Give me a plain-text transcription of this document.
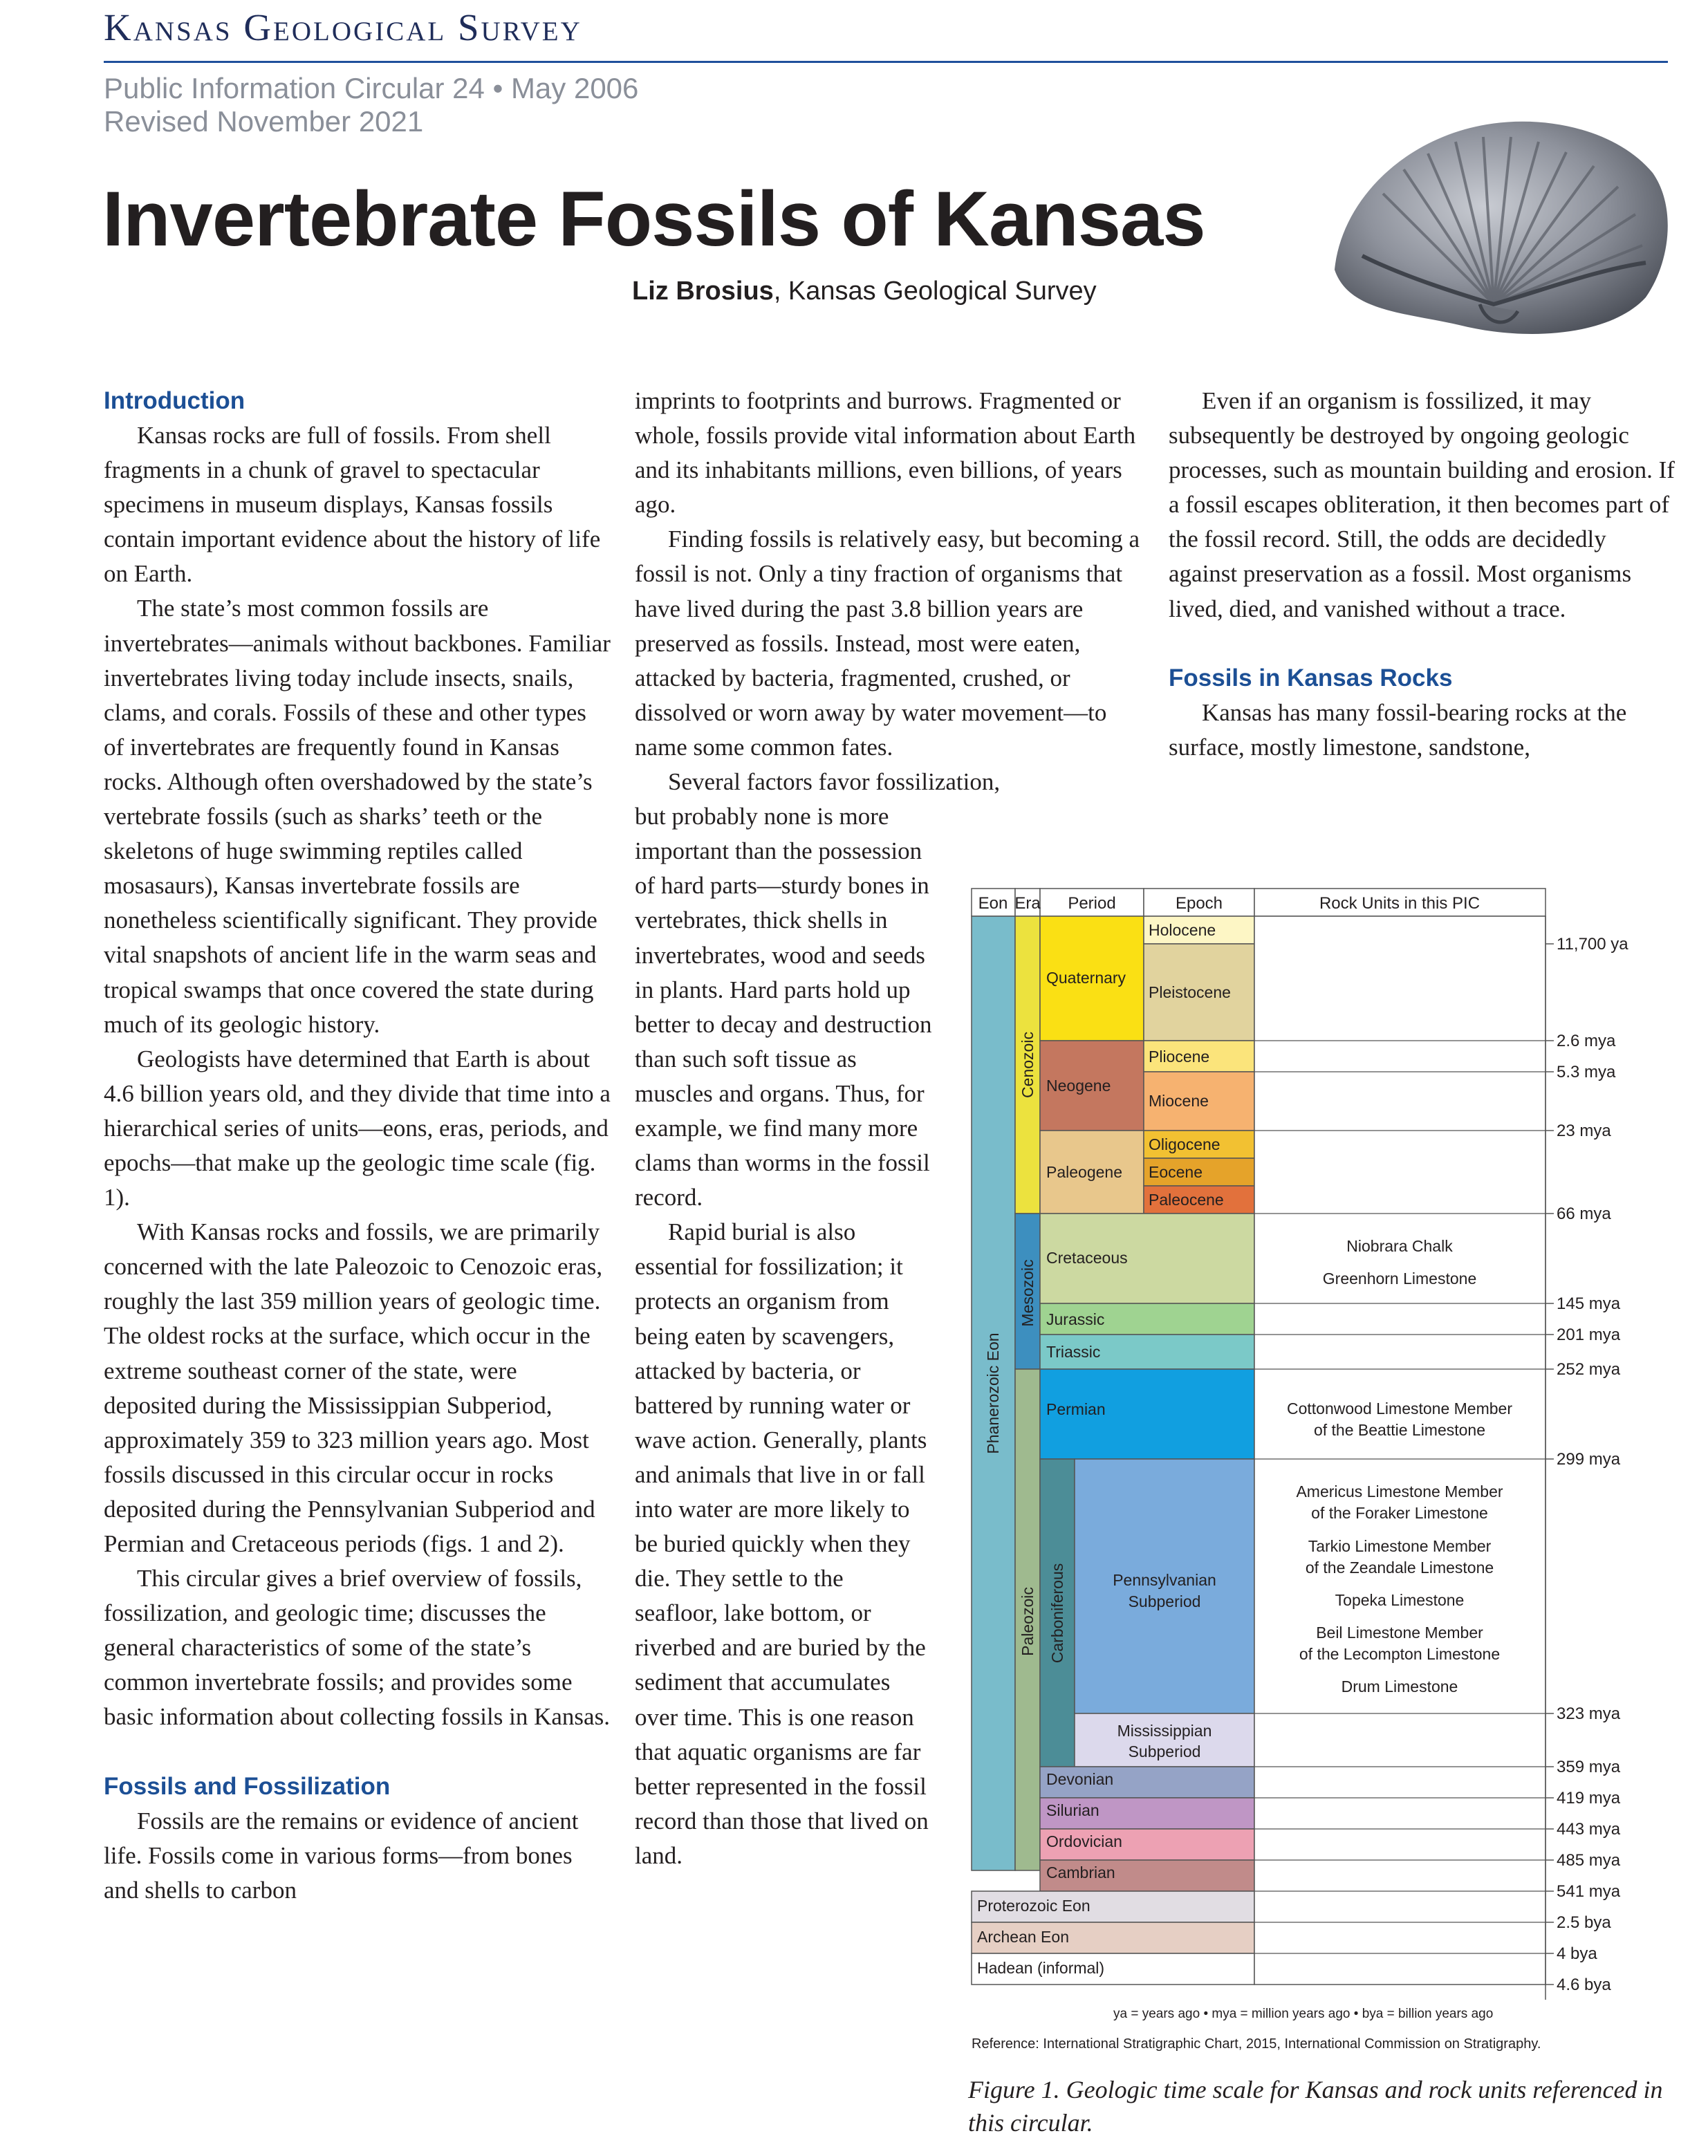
Kansas Geological Survey
Public Information Circular 24 • May 2006
Revised November 2021
Invertebrate Fossils of Kansas
Liz Brosius, Kansas Geological Survey
Introduction

Kansas rocks are full of fossils. From shell fragments in a chunk of gravel to spectacular specimens in museum displays, Kansas fossils contain important evidence about the history of life on Earth.

The state’s most common fossils are invertebrates—animals without backbones. Familiar invertebrates living today include insects, snails, clams, and corals. Fossils of these and other types of invertebrates are frequently found in Kansas rocks. Although often overshadowed by the state’s vertebrate fossils (such as sharks’ teeth or the skeletons of huge swimming reptiles called mosasaurs), Kansas invertebrate fossils are nonetheless scientifically significant. They provide vital snapshots of ancient life in the warm seas and tropical swamps that once covered the state during much of its geologic history.

Geologists have determined that Earth is about 4.6 billion years old, and they divide that time into a hierarchical series of units—eons, eras, periods, and epochs—that make up the geologic time scale (fig. 1).

With Kansas rocks and fossils, we are primarily concerned with the late Paleozoic to Cenozoic eras, roughly the last 359 million years of geologic time. The oldest rocks at the surface, which occur in the extreme southeast corner of the state, were deposited during the Mississippian Subperiod, approximately 359 to 323 million years ago. Most fossils discussed in this circular occur in rocks deposited during the Pennsylvanian Subperiod and Permian and Cretaceous periods (figs. 1 and 2).

This circular gives a brief overview of fossils, fossilization, and geologic time; discusses the general characteristics of some of the state’s common invertebrate fossils; and provides some basic information about collecting fossils in Kansas.

Fossils and Fossilization

Fossils are the remains or evidence of ancient life. Fossils come in various forms—from bones and shells to carbon

imprints to footprints and burrows. Fragmented or whole, fossils provide vital information about Earth and its inhabitants millions, even billions, of years ago.

Finding fossils is relatively easy, but becoming a fossil is not. Only a tiny fraction of organisms that have lived during the past 3.8 billion years are preserved as fossils. Instead, most were eaten, attacked by bacteria, fragmented, crushed, or dissolved or worn away by water movement—to name some common fates.

Several factors favor fossilization,

but probably none is more important than the possession of hard parts—sturdy bones in vertebrates, thick shells in invertebrates, wood and seeds in plants. Hard parts hold up better to decay and destruction than such soft tissue as muscles and organs. Thus, for example, we find many more clams than worms in the fossil record.

Rapid burial is also essential for fossilization; it protects an organism from being eaten by scavengers, attacked by bacteria, or battered by running water or wave action. Generally, plants and animals that live in or fall into water are more likely to be buried quickly when they die. They settle to the seafloor, lake bottom, or riverbed and are buried by the sediment that accumulates over time. This is one reason that aquatic organisms are far better represented in the fossil record than those that lived on land.

Even if an organism is fossilized, it may subsequently be destroyed by ongoing geologic processes, such as mountain building and erosion. If a fossil escapes obliteration, it then becomes part of the fossil record. Still, the odds are decidedly against preservation as a fossil. Most organisms lived, died, and vanished without a trace.

Fossils in Kansas Rocks

Kansas has many fossil-bearing rocks at the surface, mostly limestone, sandstone,

11,700 ya
2.6 mya
5.3 mya
23 mya
66 mya
145 mya
201 mya
252 mya
299 mya
323 mya
359 mya
419 mya
443 mya
485 mya
541 mya
2.5 bya
4 bya
4.6 bya
Eon Era Period	Epoch	Rock Units in this PIC
Phanerozoic Eon
Cenozoic
Mesozoic
Paleozoic Carboniferous
Quaternary
Neogene
Paleogene
Cretaceous
Jurassic
Triassic
Permian
Devonian
Silurian
Ordovician
Cambrian
Proterozoic Eon
Archean Eon
Hadean (informal)
Pennsylvanian
Subperiod
Mississippian
Subperiod
Holocene
Pleistocene
Pliocene
Miocene
Oligocene
Eocene
Paleocene
Niobrara Chalk
Greenhorn Limestone
Cottonwood Limestone Member
of the Beattie Limestone
Americus Limestone Member
of the Foraker Limestone
Tarkio Limestone Member
of the Zeandale Limestone
Topeka Limestone
Beil Limestone Member
of the Lecompton Limestone
Drum Limestone
ya = years ago • mya = million years ago • bya = billion years ago
Reference: International Stratigraphic Chart, 2015, International Commission on Stratigraphy.
Figure 1. Geologic time scale for Kansas and rock units referenced in this circular.
